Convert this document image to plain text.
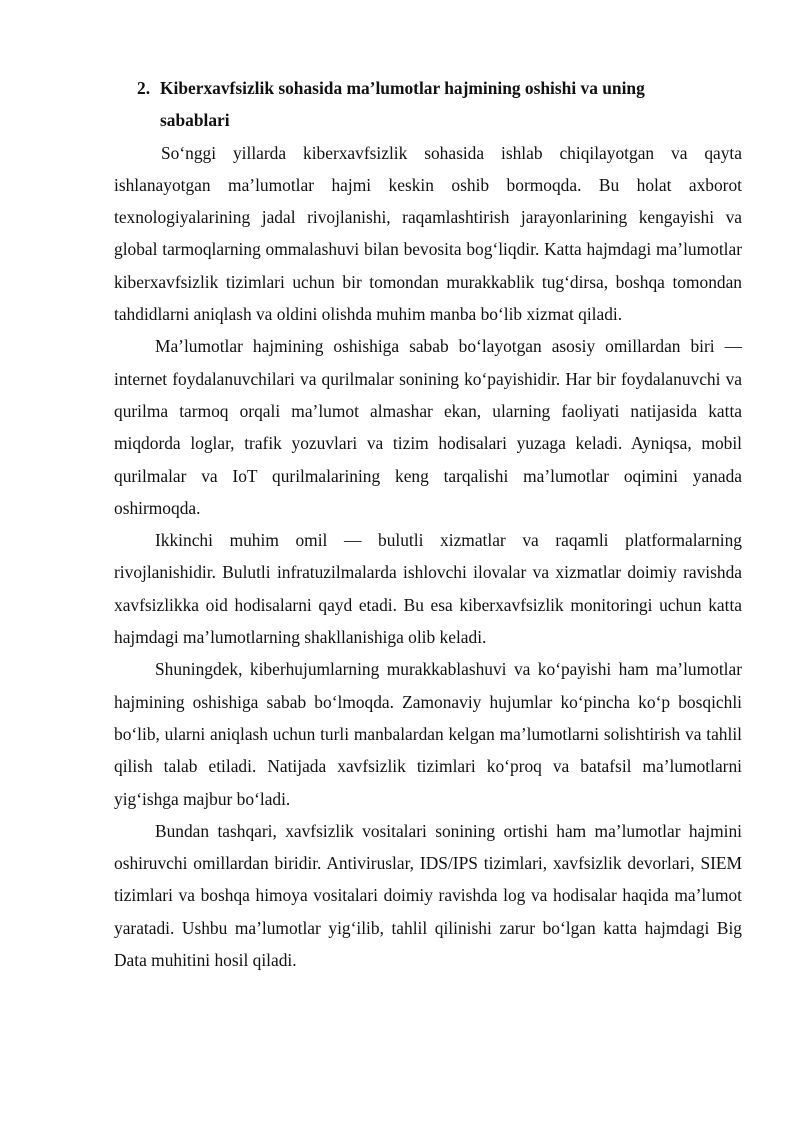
2. Kiberxavfsizlik sohasida ma’lumotlar hajmining oshishi va uning sabablari

So‘nggi yillarda kiberxavfsizlik sohasida ishlab chiqilayotgan va qayta ishlanayotgan ma’lumotlar hajmi keskin oshib bormoqda. Bu holat axborot texnologiyalarining jadal rivojlanishi, raqamlashtirish jarayonlarining kengayishi va global tarmoqlarning ommalashuvi bilan bevosita bog‘liqdir. Katta hajmdagi ma’lumotlar kiberxavfsizlik tizimlari uchun bir tomondan murakkablik tug‘dirsa, boshqa tomondan tahdidlarni aniqlash va oldini olishda muhim manba bo‘lib xizmat qiladi.

Ma’lumotlar hajmining oshishiga sabab bo‘layotgan asosiy omillardan biri — internet foydalanuvchilari va qurilmalar sonining ko‘payishidir. Har bir foydalanuvchi va qurilma tarmoq orqali ma’lumot almashar ekan, ularning faoliyati natijasida katta miqdorda loglar, trafik yozuvlari va tizim hodisalari yuzaga keladi. Ayniqsa, mobil qurilmalar va IoT qurilmalarining keng tarqalishi ma’lumotlar oqimini yanada oshirmoqda.

Ikkinchi muhim omil — bulutli xizmatlar va raqamli platformalarning rivojlanishidir. Bulutli infratuzilmalarda ishlovchi ilovalar va xizmatlar doimiy ravishda xavfsizlikka oid hodisalarni qayd etadi. Bu esa kiberxavfsizlik monitoringi uchun katta hajmdagi ma’lumotlarning shakllanishiga olib keladi.

Shuningdek, kiberhujumlarning murakkablashuvi va ko‘payishi ham ma’lumotlar hajmining oshishiga sabab bo‘lmoqda. Zamonaviy hujumlar ko‘pincha ko‘p bosqichli bo‘lib, ularni aniqlash uchun turli manbalardan kelgan ma’lumotlarni solishtirish va tahlil qilish talab etiladi. Natijada xavfsizlik tizimlari ko‘proq va batafsil ma’lumotlarni yig‘ishga majbur bo‘ladi.

Bundan tashqari, xavfsizlik vositalari sonining ortishi ham ma’lumotlar hajmini oshiruvchi omillardan biridir. Antiviruslar, IDS/IPS tizimlari, xavfsizlik devorlari, SIEM tizimlari va boshqa himoya vositalari doimiy ravishda log va hodisalar haqida ma’lumot yaratadi. Ushbu ma’lumotlar yig‘ilib, tahlil qilinishi zarur bo‘lgan katta hajmdagi Big Data muhitini hosil qiladi.
